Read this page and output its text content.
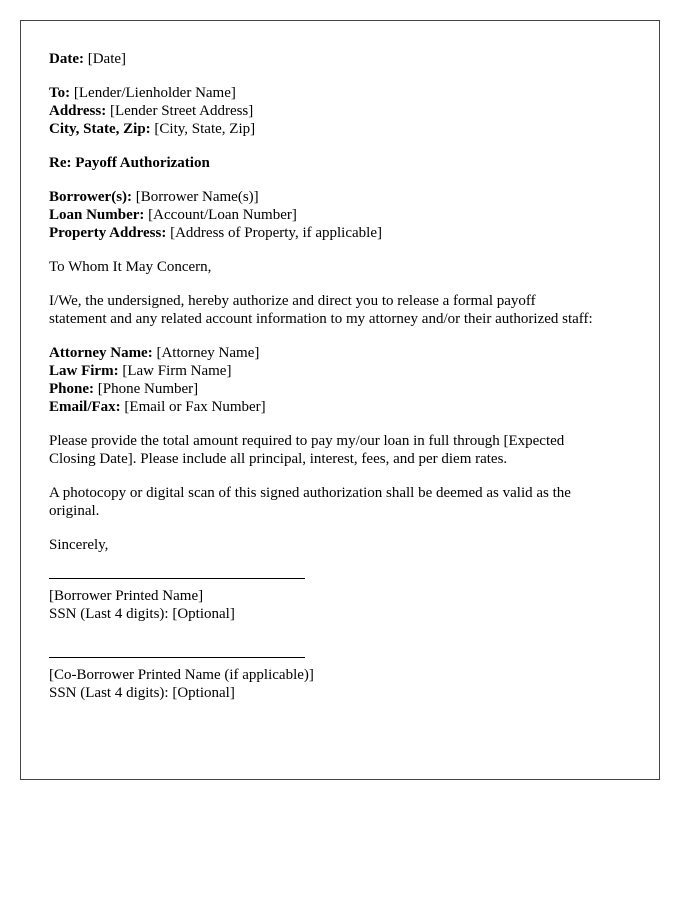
Date: [Date]
To: [Lender/Lienholder Name]
Address: [Lender Street Address]
City, State, Zip: [City, State, Zip]
Re: Payoff Authorization
Borrower(s): [Borrower Name(s)]
Loan Number: [Account/Loan Number]
Property Address: [Address of Property, if applicable]
To Whom It May Concern,
I/We, the undersigned, hereby authorize and direct you to release a formal payoff
statement and any related account information to my attorney and/or their authorized staff:
Attorney Name: [Attorney Name]
Law Firm: [Law Firm Name]
Phone: [Phone Number]
Email/Fax: [Email or Fax Number]
Please provide the total amount required to pay my/our loan in full through [Expected
Closing Date]. Please include all principal, interest, fees, and per diem rates.
A photocopy or digital scan of this signed authorization shall be deemed as valid as the
original.
Sincerely,
[Borrower Printed Name]
SSN (Last 4 digits): [Optional]
[Co-Borrower Printed Name (if applicable)]
SSN (Last 4 digits): [Optional]
